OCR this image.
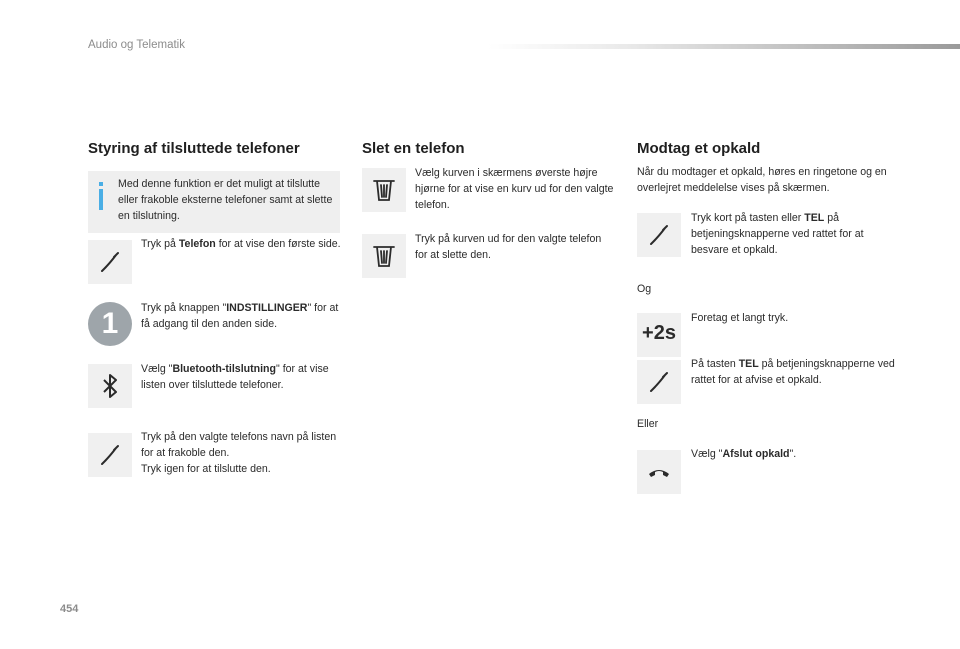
Audio og Telematik
Styring af tilsluttede telefoner
Med denne funktion er det muligt at tilslutte eller frakoble eksterne telefoner samt at slette en tilslutning.
Tryk på Telefon for at vise den første side.
1	Tryk på knappen "INDSTILLINGER" for at få adgang til den anden side.
Vælg "Bluetooth-tilslutning" for at vise listen over tilsluttede telefoner.
Tryk på den valgte telefons navn på listen for at frakoble den.
Tryk igen for at tilslutte den.
Slet en telefon
Vælg kurven i skærmens øverste højre hjørne for at vise en kurv ud for den valgte telefon.
Tryk på kurven ud for den valgte telefon for at slette den.
Modtag et opkald
Når du modtager et opkald, høres en ringetone og en overlejret meddelelse vises på skærmen.
Tryk kort på tasten eller TEL på betjeningsknapperne ved rattet for at besvare et opkald.
Og
+2s
Foretag et langt tryk.
På tasten TEL på betjeningsknapperne ved rattet for at afvise et opkald.
Eller
Vælg "Afslut opkald".
454
